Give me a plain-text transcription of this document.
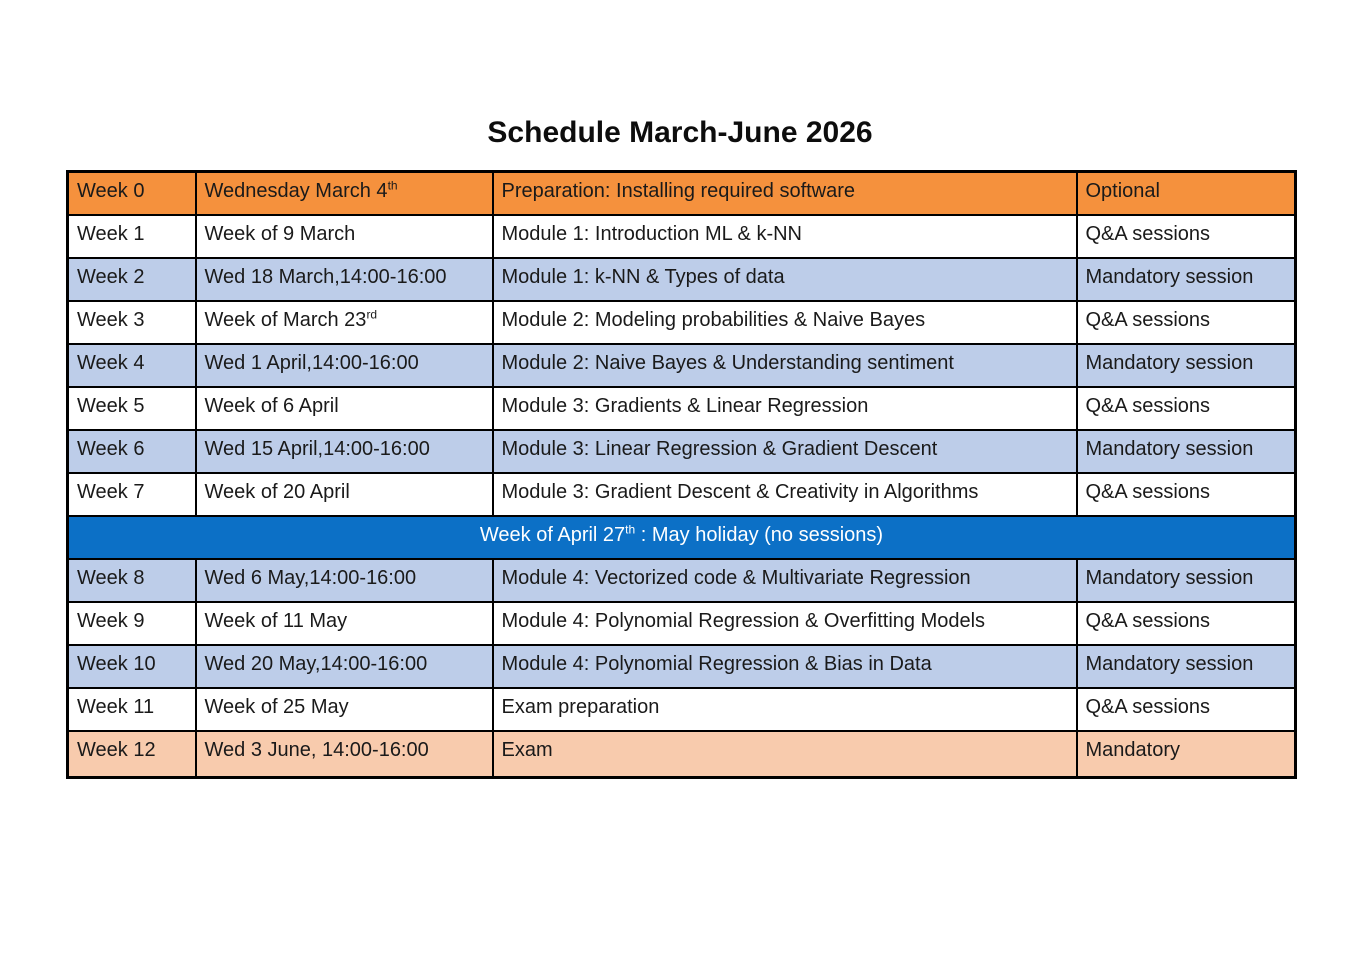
Schedule March-June 2026
Week 0	Wednesday March 4th	Preparation: Installing required software	Optional
Week 1	Week of 9 March	Module 1: Introduction ML & k-NN	Q&A sessions
Week 2	Wed 18 March,14:00-16:00	Module 1: k-NN & Types of data	Mandatory session
Week 3	Week of March 23rd	Module 2: Modeling probabilities & Naive Bayes	Q&A sessions
Week 4	Wed 1 April,14:00-16:00	Module 2: Naive Bayes & Understanding sentiment	Mandatory session
Week 5	Week of 6 April	Module 3: Gradients & Linear Regression	Q&A sessions
Week 6	Wed 15 April,14:00-16:00	Module 3: Linear Regression & Gradient Descent	Mandatory session
Week 7	Week of 20 April	Module 3: Gradient Descent & Creativity in Algorithms	Q&A sessions
Week of April 27th : May holiday (no sessions)			
Week 8	Wed 6 May,14:00-16:00	Module 4: Vectorized code & Multivariate Regression	Mandatory session
Week 9	Week of 11 May	Module 4: Polynomial Regression & Overfitting Models	Q&A sessions
Week 10	Wed 20 May,14:00-16:00	Module 4: Polynomial Regression & Bias in Data	Mandatory session
Week 11	Week of 25 May	Exam preparation	Q&A sessions
Week 12	Wed 3 June, 14:00-16:00	Exam	Mandatory
